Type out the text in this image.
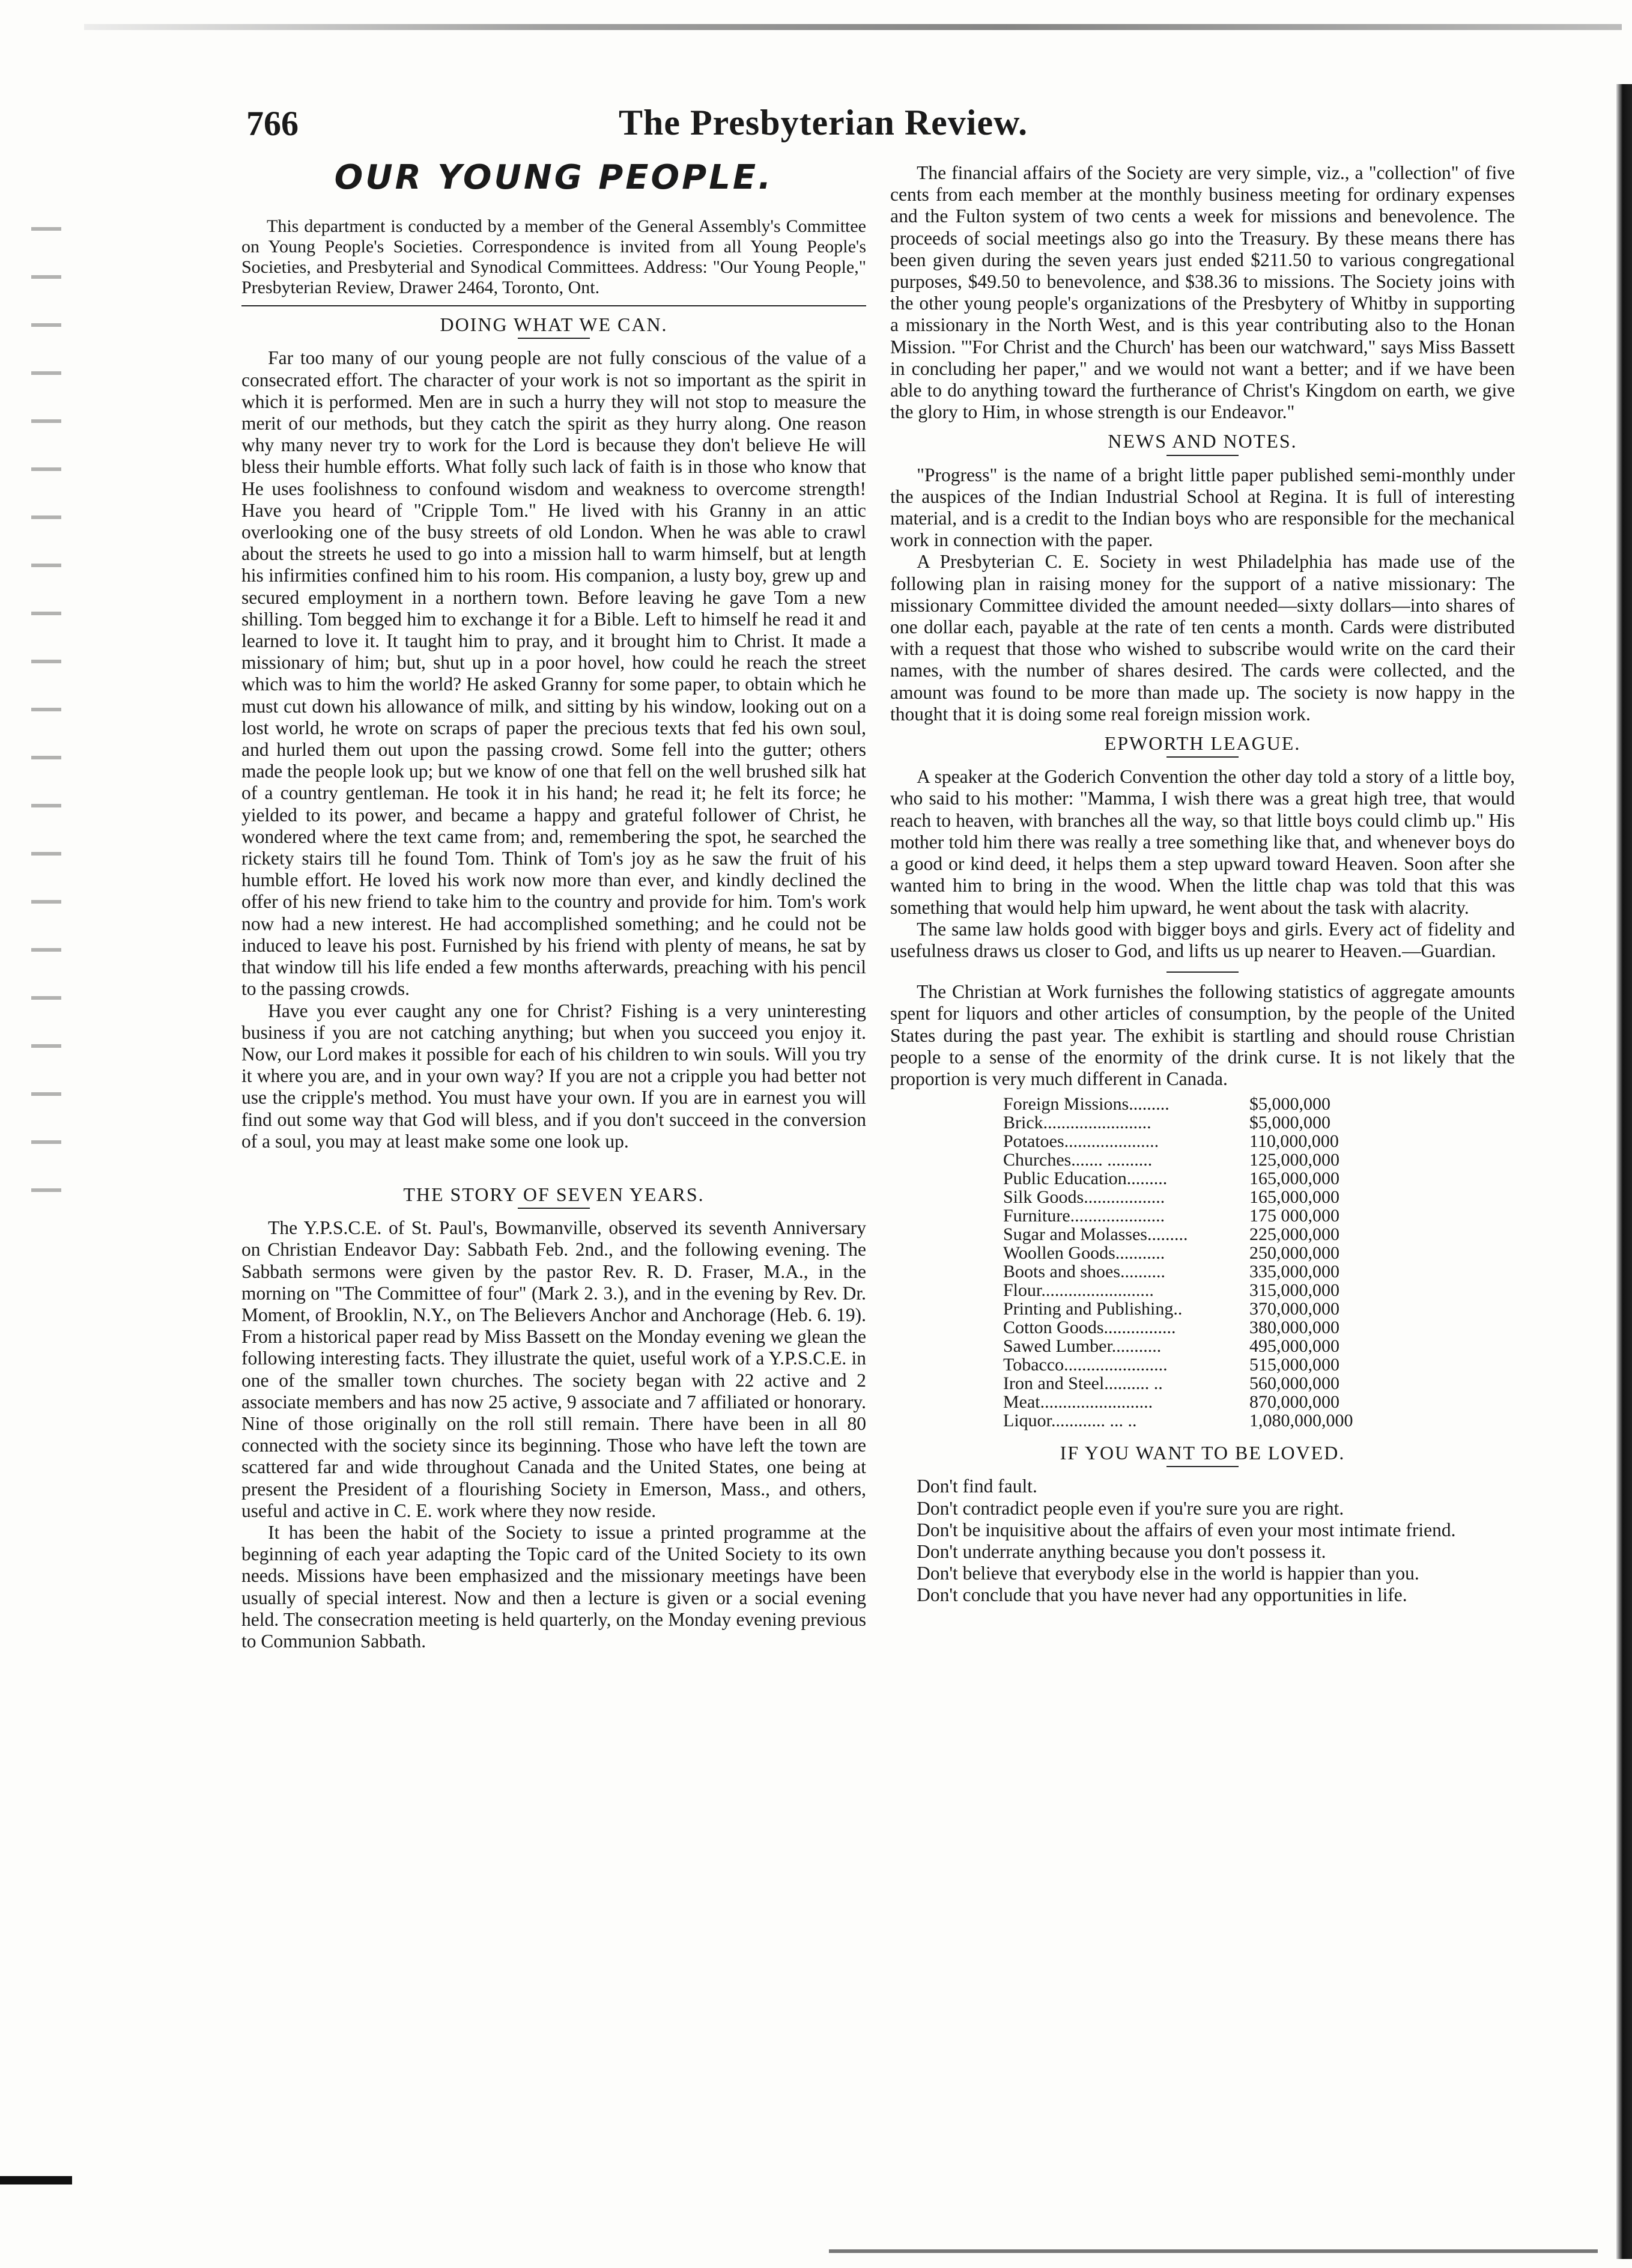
766	The Presbyterian Review.
OUR YOUNG PEOPLE.

This department is conducted by a member of the General Assembly's Committee on Young People's Societies. Correspondence is invited from all Young People's Societies, and Presbyterial and Synodical Committees. Address: "Our Young People," Presbyterian Review, Drawer 2464, Toronto, Ont.

DOING WHAT WE CAN.

Far too many of our young people are not fully conscious of the value of a consecrated effort. The character of your work is not so important as the spirit in which it is performed. Men are in such a hurry they will not stop to measure the merit of our methods, but they catch the spirit as they hurry along. One reason why many never try to work for the Lord is because they don't believe He will bless their humble efforts. What folly such lack of faith is in those who know that He uses foolishness to confound wisdom and weakness to overcome strength! Have you heard of "Cripple Tom." He lived with his Granny in an attic overlooking one of the busy streets of old London. When he was able to crawl about the streets he used to go into a mission hall to warm himself, but at length his infirmities confined him to his room. His companion, a lusty boy, grew up and secured employment in a northern town. Before leaving he gave Tom a new shilling. Tom begged him to exchange it for a Bible. Left to himself he read it and learned to love it. It taught him to pray, and it brought him to Christ. It made a missionary of him; but, shut up in a poor hovel, how could he reach the street which was to him the world? He asked Granny for some paper, to obtain which he must cut down his allowance of milk, and sitting by his window, looking out on a lost world, he wrote on scraps of paper the precious texts that fed his own soul, and hurled them out upon the passing crowd. Some fell into the gutter; others made the people look up; but we know of one that fell on the well brushed silk hat of a country gentleman. He took it in his hand; he read it; he felt its force; he yielded to its power, and became a happy and grateful follower of Christ, he wondered where the text came from; and, remembering the spot, he searched the rickety stairs till he found Tom. Think of Tom's joy as he saw the fruit of his humble effort. He loved his work now more than ever, and kindly declined the offer of his new friend to take him to the country and provide for him. Tom's work now had a new interest. He had accomplished something; and he could not be induced to leave his post. Furnished by his friend with plenty of means, he sat by that window till his life ended a few months afterwards, preaching with his pencil to the passing crowds.

Have you ever caught any one for Christ? Fishing is a very uninteresting business if you are not catching anything; but when you succeed you enjoy it. Now, our Lord makes it possible for each of his children to win souls. Will you try it where you are, and in your own way? If you are not a cripple you had better not use the cripple's method. You must have your own. If you are in earnest you will find out some way that God will bless, and if you don't succeed in the conversion of a soul, you may at least make some one look up.

THE STORY OF SEVEN YEARS.

The Y.P.S.C.E. of St. Paul's, Bowmanville, observed its seventh Anniversary on Christian Endeavor Day: Sabbath Feb. 2nd., and the following evening. The Sabbath sermons were given by the pastor Rev. R. D. Fraser, M.A., in the morning on "The Committee of four" (Mark 2. 3.), and in the evening by Rev. Dr. Moment, of Brooklin, N.Y., on The Believers Anchor and Anchorage (Heb. 6. 19). From a historical paper read by Miss Bassett on the Monday evening we glean the following interesting facts. They illustrate the quiet, useful work of a Y.P.S.C.E. in one of the smaller town churches. The society began with 22 active and 2 associate members and has now 25 active, 9 associate and 7 affiliated or honorary. Nine of those originally on the roll still remain. There have been in all 80 connected with the society since its beginning. Those who have left the town are scattered far and wide throughout Canada and the United States, one being at present the President of a flourishing Society in Emerson, Mass., and others, useful and active in C. E. work where they now reside.

It has been the habit of the Society to issue a printed programme at the beginning of each year adapting the Topic card of the United Society to its own needs. Missions have been emphasized and the missionary meetings have been usually of special interest. Now and then a lecture is given or a social evening held. The consecration meeting is held quarterly, on the Monday evening previous to Communion Sabbath.

The financial affairs of the Society are very simple, viz., a "collection" of five cents from each member at the monthly business meeting for ordinary expenses and the Fulton system of two cents a week for missions and benevolence. The proceeds of social meetings also go into the Treasury. By these means there has been given during the seven years just ended $211.50 to various congregational purposes, $49.50 to benevolence, and $38.36 to missions. The Society joins with the other young people's organizations of the Presbytery of Whitby in supporting a missionary in the North West, and is this year contributing also to the Honan Mission. "'For Christ and the Church' has been our watchward," says Miss Bassett in concluding her paper," and we would not want a better; and if we have been able to do anything toward the furtherance of Christ's Kingdom on earth, we give the glory to Him, in whose strength is our Endeavor."

NEWS AND NOTES.

"Progress" is the name of a bright little paper published semi-monthly under the auspices of the Indian Industrial School at Regina. It is full of interesting material, and is a credit to the Indian boys who are responsible for the mechanical work in connection with the paper.

A Presbyterian C. E. Society in west Philadelphia has made use of the following plan in raising money for the support of a native missionary: The missionary Committee divided the amount needed—sixty dollars—into shares of one dollar each, payable at the rate of ten cents a month. Cards were distributed with a request that those who wished to subscribe would write on the card their names, with the number of shares desired. The cards were collected, and the amount was found to be more than made up. The society is now happy in the thought that it is doing some real foreign mission work.

EPWORTH LEAGUE.

A speaker at the Goderich Convention the other day told a story of a little boy, who said to his mother: "Mamma, I wish there was a great high tree, that would reach to heaven, with branches all the way, so that little boys could climb up." His mother told him there was really a tree something like that, and whenever boys do a good or kind deed, it helps them a step upward toward Heaven. Soon after she wanted him to bring in the wood. When the little chap was told that this was something that would help him upward, he went about the task with alacrity.

The same law holds good with bigger boys and girls. Every act of fidelity and usefulness draws us closer to God, and lifts us up nearer to Heaven.—Guardian.

The Christian at Work furnishes the following statistics of aggregate amounts spent for liquors and other articles of consumption, by the people of the United States during the past year. The exhibit is startling and should rouse Christian people to a sense of the enormity of the drink curse. It is not likely that the proportion is very much different in Canada.

Foreign Missions.........	$5,000,000
Brick........................	$5,000,000
Potatoes.....................	110,000,000
Churches....... ..........	125,000,000
Public Education.........	165,000,000
Silk Goods..................	165,000,000
Furniture.....................	175 000,000
Sugar and Molasses.........	225,000,000
Woollen Goods...........	250,000,000
Boots and shoes..........	335,000,000
Flour.........................	315,000,000
Printing and Publishing..	370,000,000
Cotton Goods................	380,000,000
Sawed Lumber...........	495,000,000
Tobacco.......................	515,000,000
Iron and Steel.......... ..	560,000,000
Meat.........................	870,000,000
Liquor............ ... ..	1,080,000,000
IF YOU WANT TO BE LOVED.

Don't find fault.

Don't contradict people even if you're sure you are right.

Don't be inquisitive about the affairs of even your most intimate friend.

Don't underrate anything because you don't possess it.

Don't believe that everybody else in the world is happier than you.

Don't conclude that you have never had any opportunities in life.
